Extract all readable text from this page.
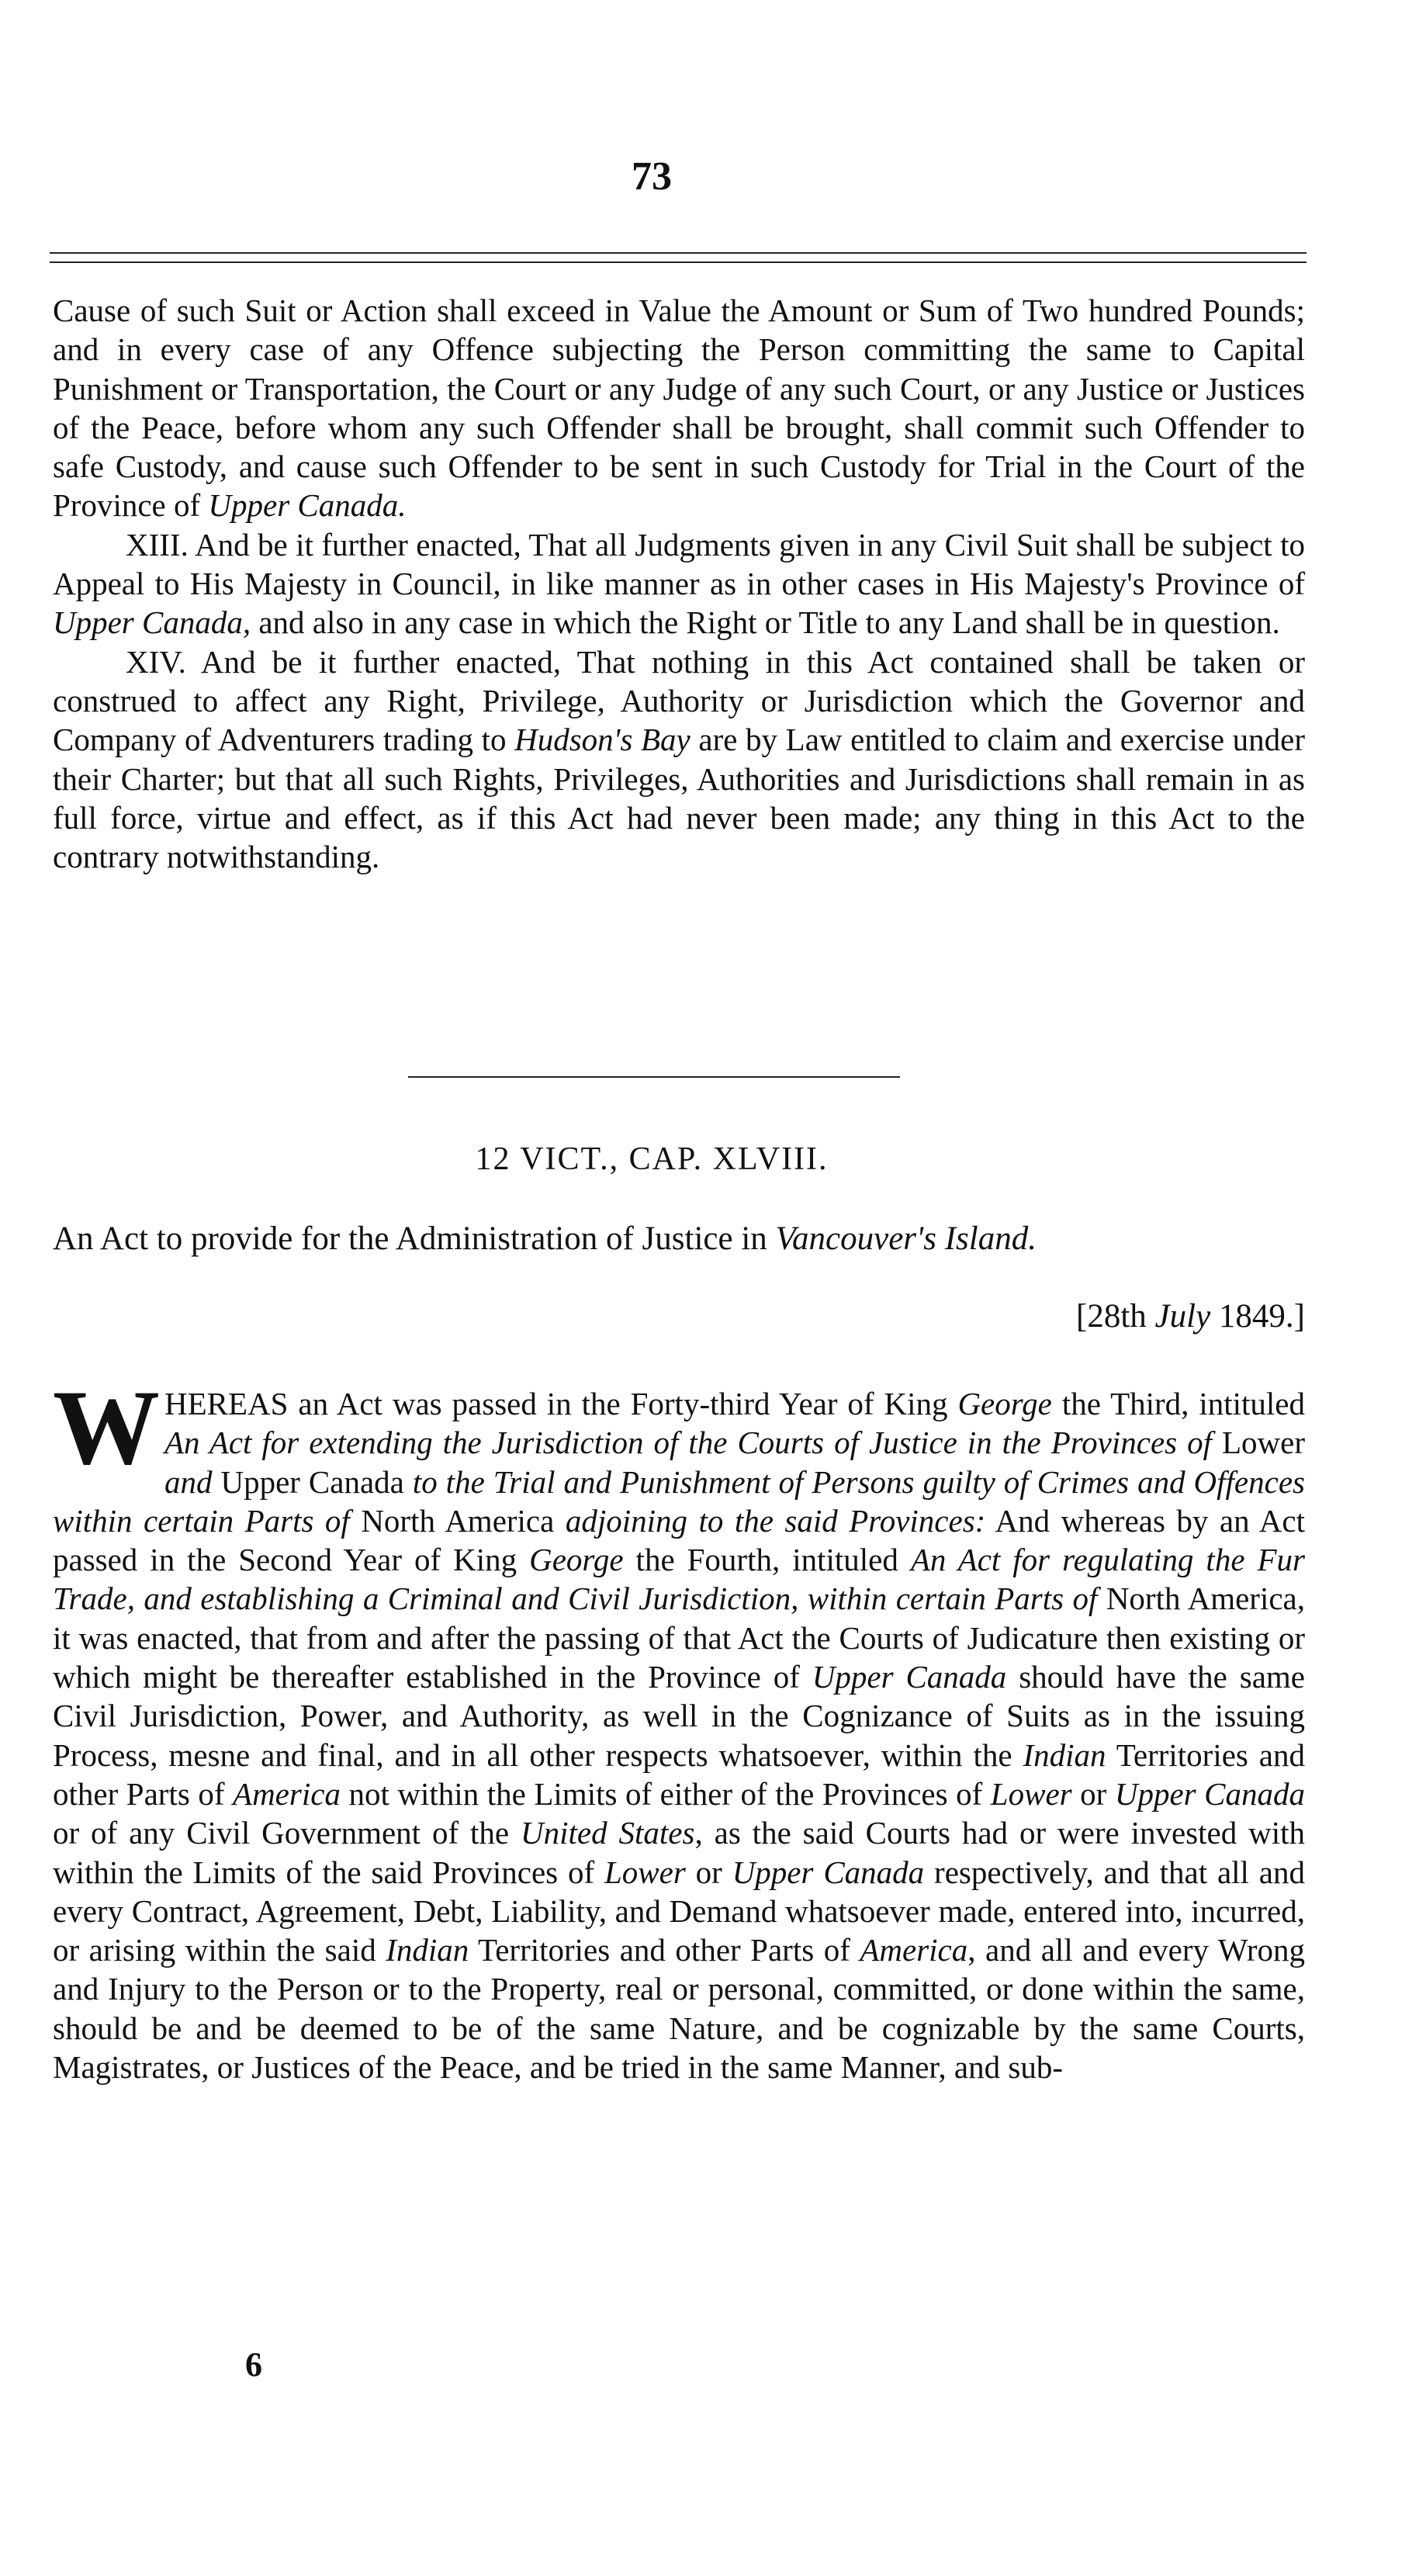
73

Cause of such Suit or Action shall exceed in Value the Amount or Sum of Two hundred Pounds; and in every case of any Offence subjecting the Person committing the same to Capital Punishment or Transportation, the Court or any Judge of any such Court, or any Justice or Justices of the Peace, before whom any such Offender shall be brought, shall commit such Offender to safe Custody, and cause such Offender to be sent in such Custody for Trial in the Court of the Province of Upper Canada.

XIII. And be it further enacted, That all Judgments given in any Civil Suit shall be subject to Appeal to His Majesty in Council, in like manner as in other cases in His Majesty's Province of Upper Canada, and also in any case in which the Right or Title to any Land shall be in question.

XIV. And be it further enacted, That nothing in this Act contained shall be taken or construed to affect any Right, Privilege, Authority or Jurisdiction which the Governor and Company of Adventurers trading to Hudson's Bay are by Law entitled to claim and exercise under their Charter; but that all such Rights, Privileges, Authorities and Jurisdictions shall remain in as full force, virtue and effect, as if this Act had never been made; any thing in this Act to the contrary notwithstanding.

12 VICT., CAP. XLVIII.
An Act to provide for the Administration of Justice in Vancouver's Island.
[28th July 1849.]

WHEREAS an Act was passed in the Forty-third Year of King George the Third, intituled An Act for extending the Jurisdiction of the Courts of Justice in the Provinces of Lower and Upper Canada to the Trial and Punishment of Persons guilty of Crimes and Offences within certain Parts of North America adjoining to the said Provinces: And whereas by an Act passed in the Second Year of King George the Fourth, intituled An Act for regulating the Fur Trade, and establishing a Criminal and Civil Jurisdiction, within certain Parts of North America, it was enacted, that from and after the passing of that Act the Courts of Judicature then existing or which might be thereafter established in the Province of Upper Canada should have the same Civil Jurisdiction, Power, and Authority, as well in the Cognizance of Suits as in the issuing Process, mesne and final, and in all other respects whatsoever, within the Indian Territories and other Parts of America not within the Limits of either of the Provinces of Lower or Upper Canada or of any Civil Government of the United States, as the said Courts had or were invested with within the Limits of the said Provinces of Lower or Upper Canada respectively, and that all and every Contract, Agreement, Debt, Liability, and Demand whatsoever made, entered into, incurred, or arising within the said Indian Territories and other Parts of America, and all and every Wrong and Injury to the Person or to the Property, real or personal, committed, or done within the same, should be and be deemed to be of the same Nature, and be cognizable by the same Courts, Magistrates, or Justices of the Peace, and be tried in the same Manner, and sub-

6
